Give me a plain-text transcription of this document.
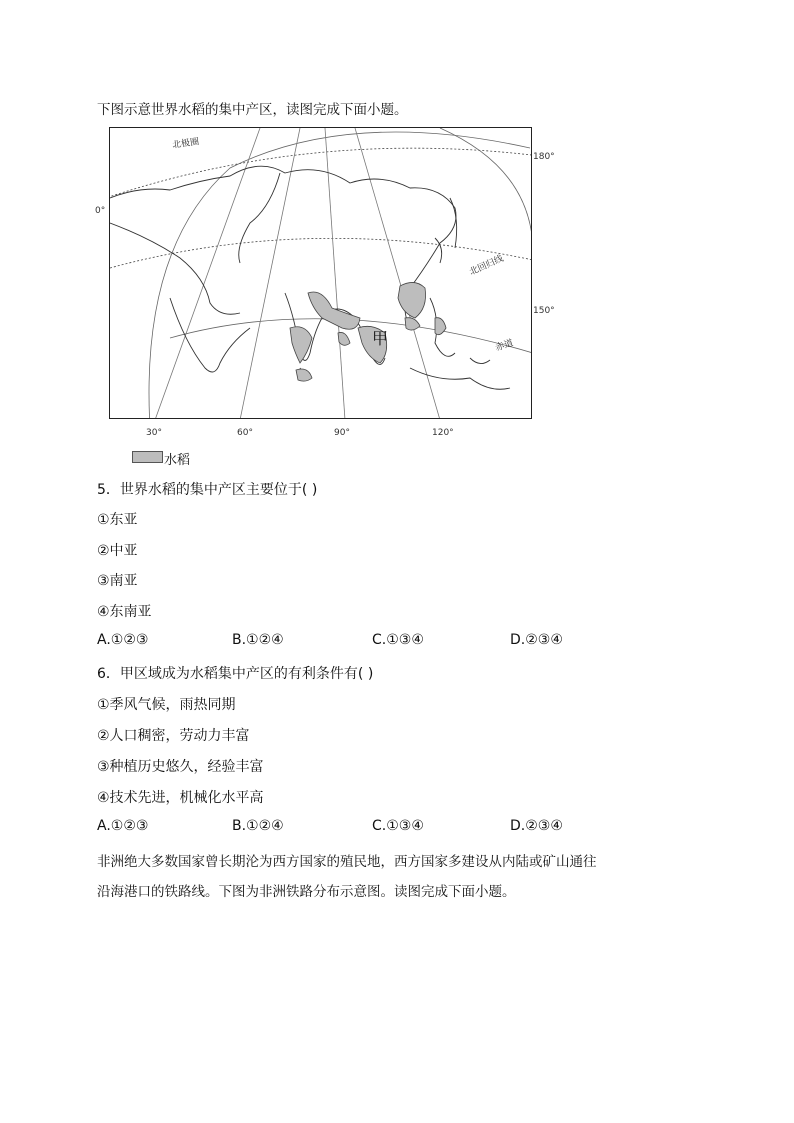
下图示意世界水稻的集中产区，读图完成下面小题。
北极圈
北回归线
赤道
甲
180°
150°
0°
30°	60°	90°	120°
水稻
5．世界水稻的集中产区主要位于( )
①东亚
②中亚
③南亚
④东南亚
A.①②③	B.①②④	C.①③④	D.②③④
6．甲区域成为水稻集中产区的有利条件有( )
①季风气候，雨热同期
②人口稠密，劳动力丰富
③种植历史悠久，经验丰富
④技术先进，机械化水平高
A.①②③	B.①②④	C.①③④	D.②③④
非洲绝大多数国家曾长期沦为西方国家的殖民地，西方国家多建设从内陆或矿山通往
沿海港口的铁路线。下图为非洲铁路分布示意图。读图完成下面小题。
